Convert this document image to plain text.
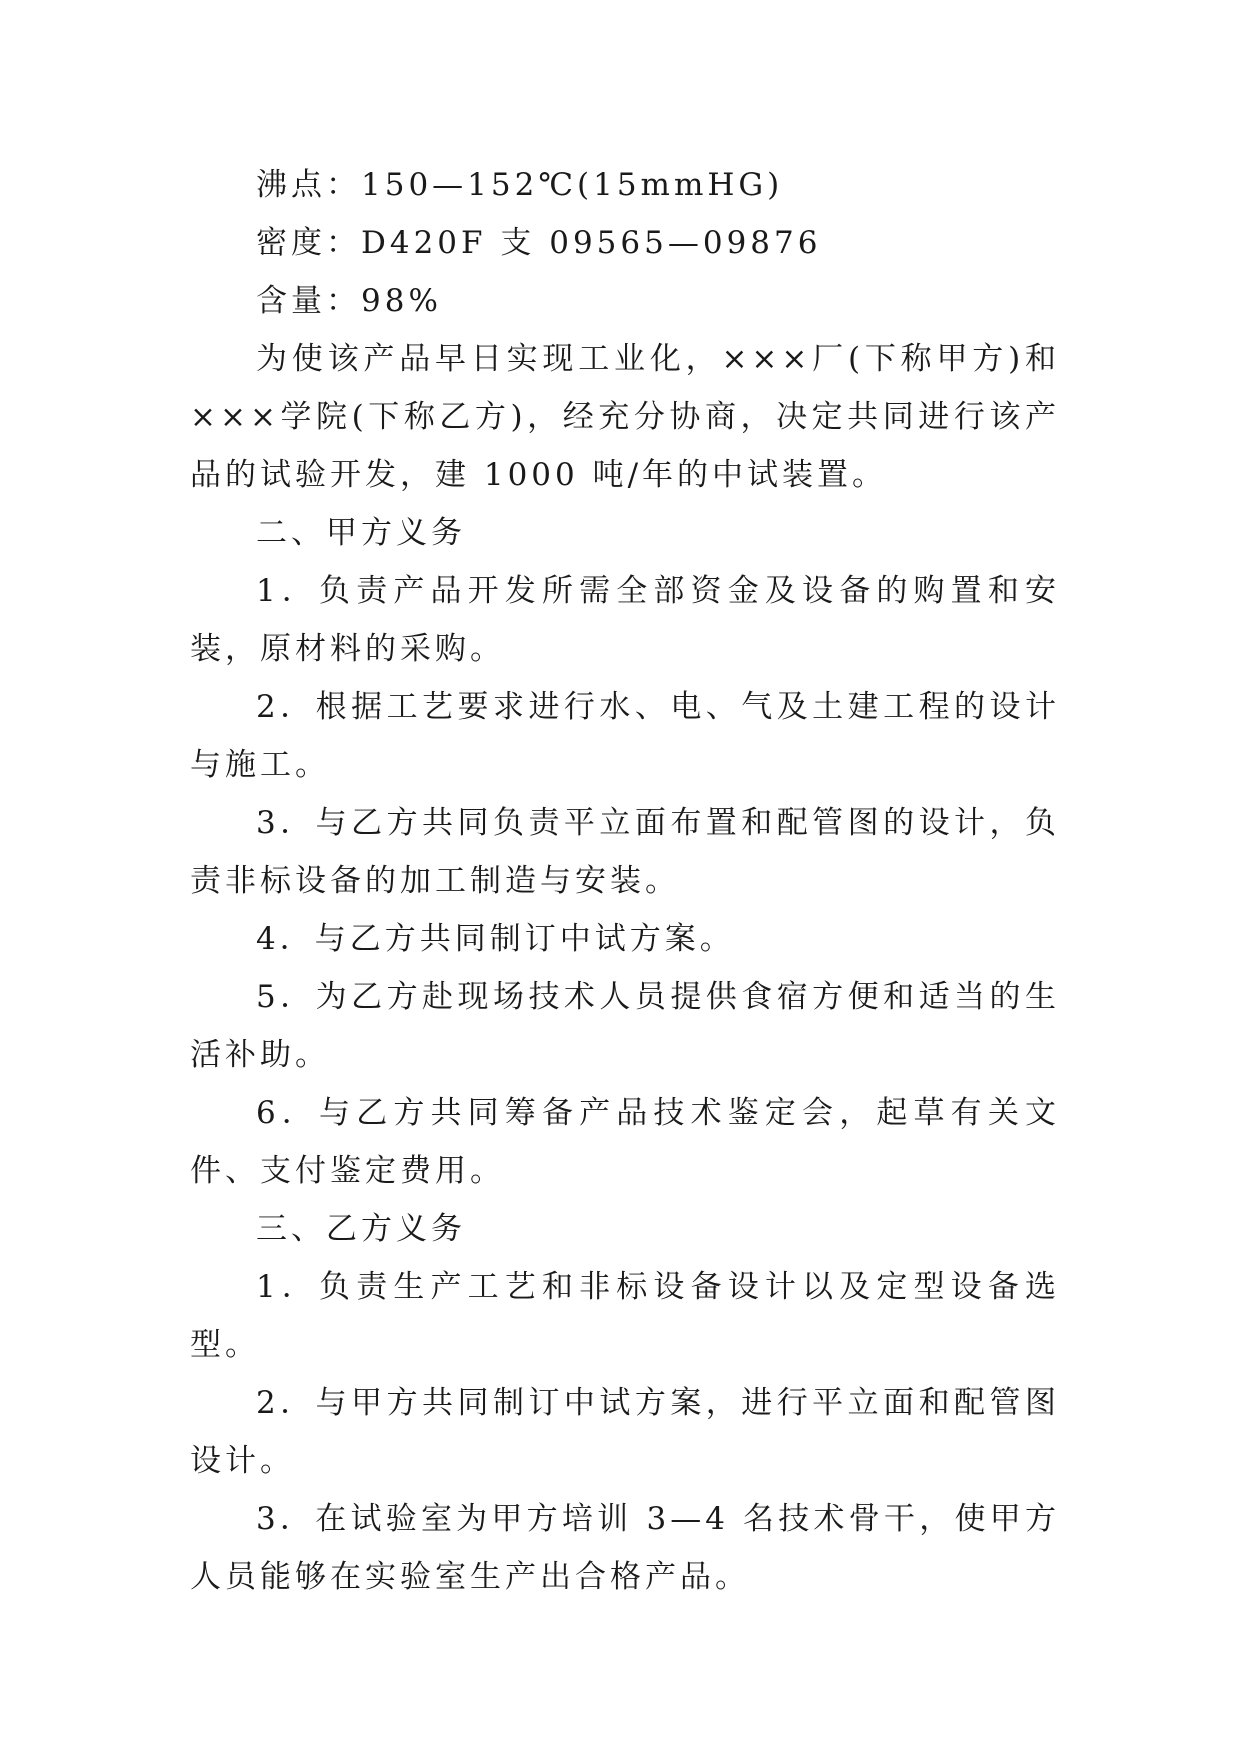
沸点：150—152℃(15mmHG)

密度：D420F 支 09565—09876

含量：98%

为使该产品早日实现工业化，×××厂(下称甲方)和×××学院(下称乙方)，经充分协商，决定共同进行该产品的试验开发，建 1000 吨/年的中试装置。

二、甲方义务

1．负责产品开发所需全部资金及设备的购置和安装，原材料的采购。

2．根据工艺要求进行水、电、气及土建工程的设计与施工。

3．与乙方共同负责平立面布置和配管图的设计，负责非标设备的加工制造与安装。

4．与乙方共同制订中试方案。

5．为乙方赴现场技术人员提供食宿方便和适当的生活补助。

6．与乙方共同筹备产品技术鉴定会，起草有关文件、支付鉴定费用。

三、乙方义务

1．负责生产工艺和非标设备设计以及定型设备选型。

2．与甲方共同制订中试方案，进行平立面和配管图设计。

3．在试验室为甲方培训 3—4 名技术骨干，使甲方人员能够在实验室生产出合格产品。
